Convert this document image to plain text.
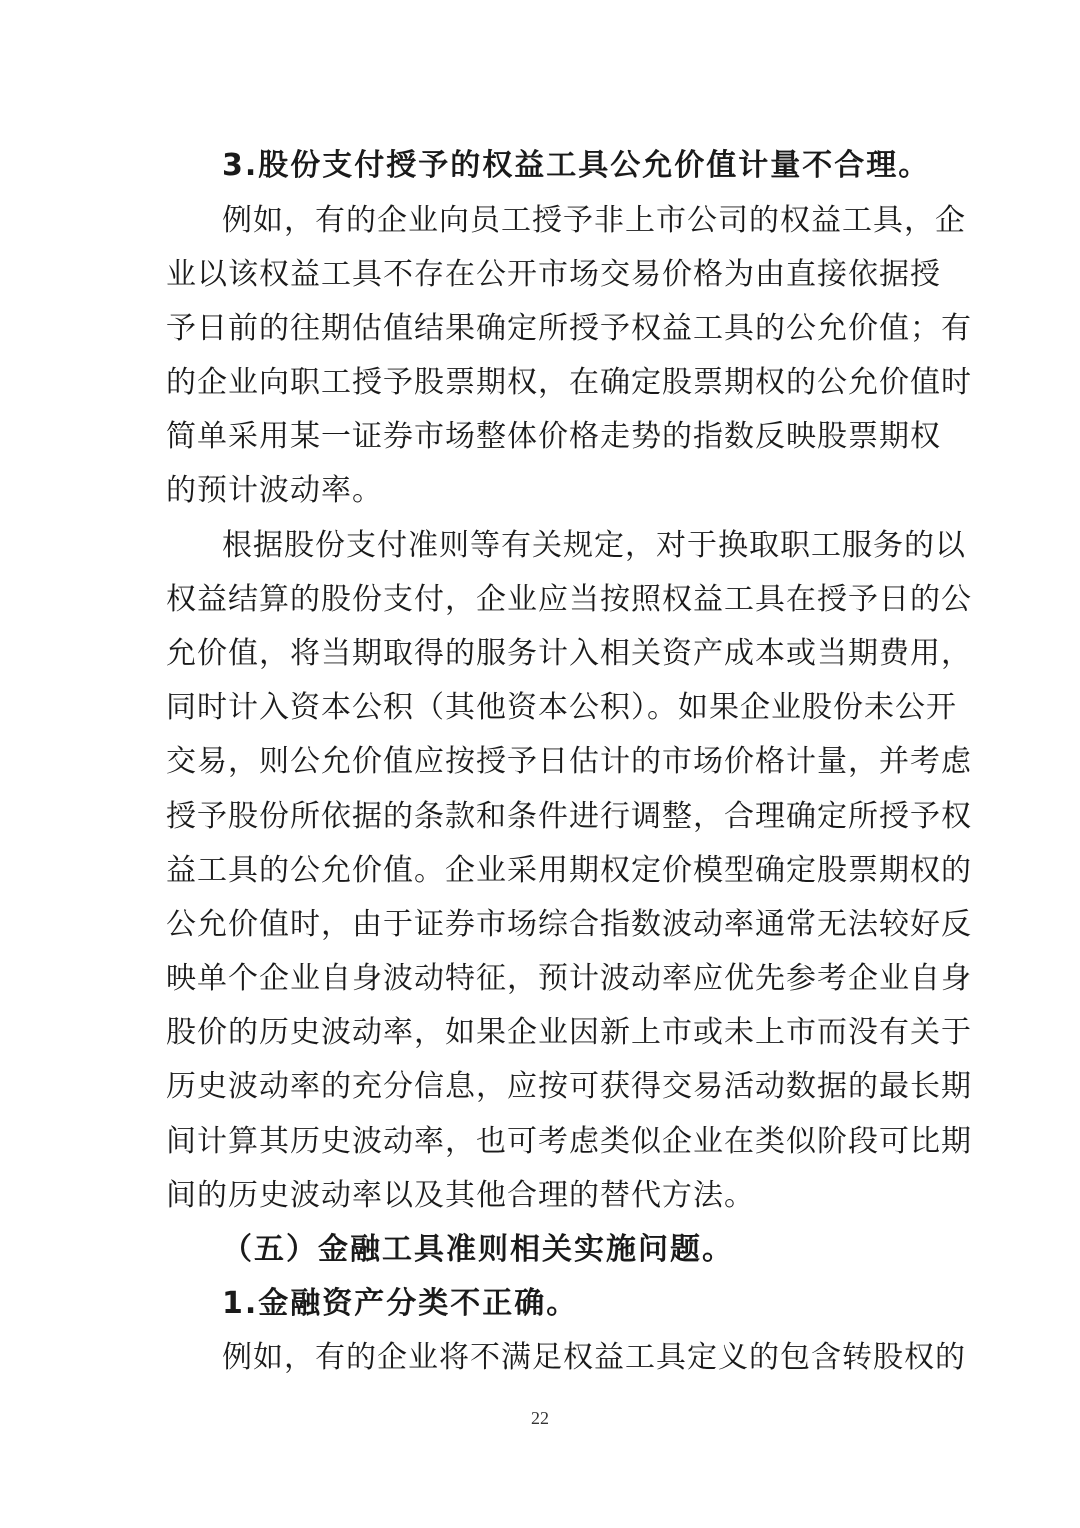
3.股份支付授予的权益工具公允价值计量不合理。
例如，有的企业向员工授予非上市公司的权益工具，企
业以该权益工具不存在公开市场交易价格为由直接依据授
予日前的往期估值结果确定所授予权益工具的公允价值；有
的企业向职工授予股票期权，在确定股票期权的公允价值时
简单采用某一证券市场整体价格走势的指数反映股票期权
的预计波动率。
根据股份支付准则等有关规定，对于换取职工服务的以
权益结算的股份支付，企业应当按照权益工具在授予日的公
允价值，将当期取得的服务计入相关资产成本或当期费用，
同时计入资本公积（其他资本公积）。如果企业股份未公开
交易，则公允价值应按授予日估计的市场价格计量，并考虑
授予股份所依据的条款和条件进行调整，合理确定所授予权
益工具的公允价值。企业采用期权定价模型确定股票期权的
公允价值时，由于证券市场综合指数波动率通常无法较好反
映单个企业自身波动特征，预计波动率应优先参考企业自身
股价的历史波动率，如果企业因新上市或未上市而没有关于
历史波动率的充分信息，应按可获得交易活动数据的最长期
间计算其历史波动率，也可考虑类似企业在类似阶段可比期
间的历史波动率以及其他合理的替代方法。
（五）金融工具准则相关实施问题。
1.金融资产分类不正确。
例如，有的企业将不满足权益工具定义的包含转股权的
22
